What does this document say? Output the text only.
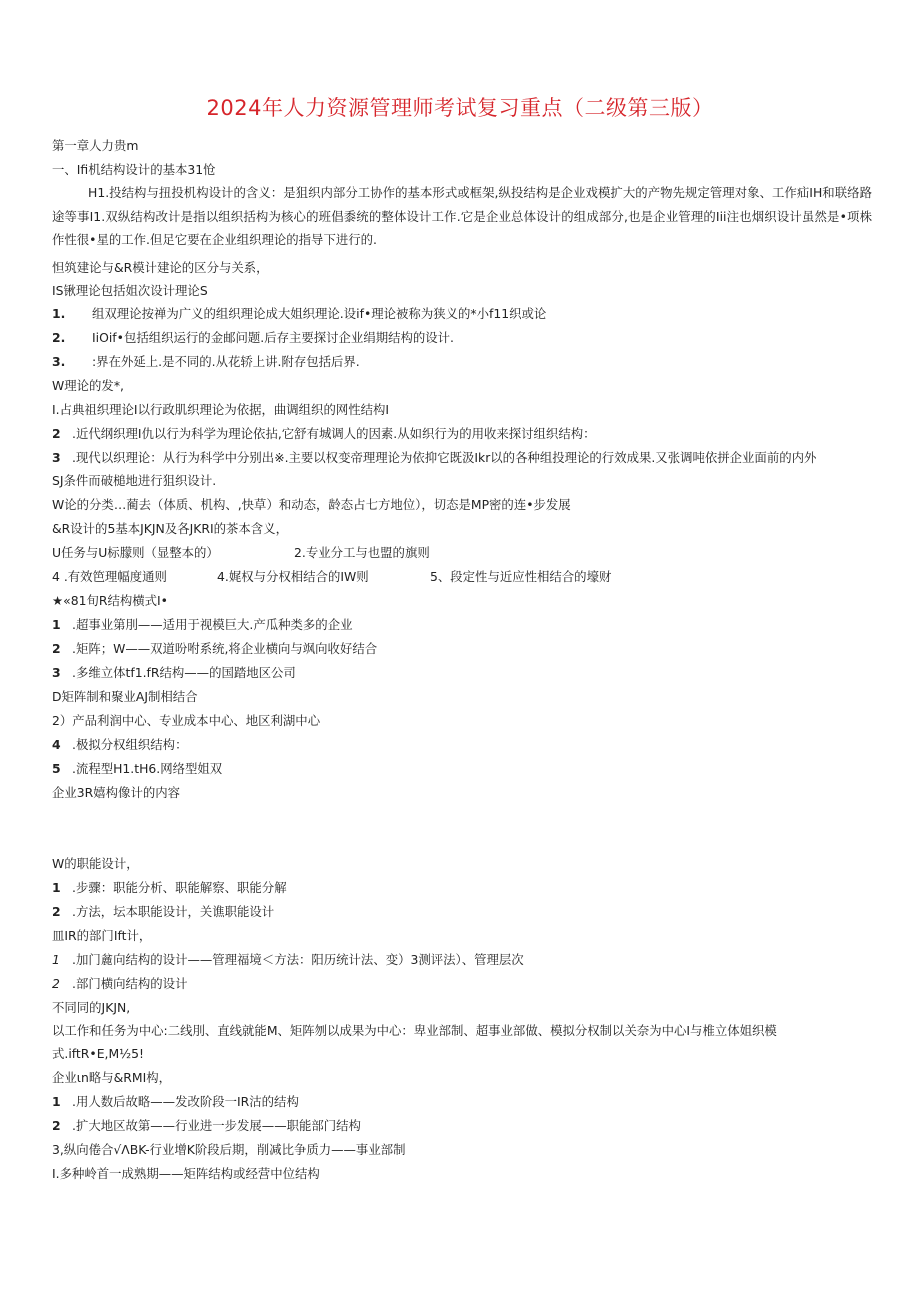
2024年人力资源管理师考试复习重点（二级第三版）
第一章人力贵m
一、Ifi机结构设计的基本31怆
H1.投结构与扭投机构设计的含义：是狙织内部分工协作的基本形式或框架,纵投结构是企业戏模扩大的产物先规定管理对象、工作疝IH和联络路途等事I1.双纵结构改计是指以组织括构为核心的班倡黍统的整体设计工作.它是企业总体设计的组成部分,也是企业管理的Iii注也烟织设计虽然是•项株作性很•星的工作.但足它要在企业组织理论的指导下进行的.
怛筑建论与&R模计建论的区分与关系，
IS锹理论包括姐次设计理论S
1. 组双理论按禅为广义的组织理论成大姐织理论.设if•理论被称为狭义的*小f11织或论
2. IiOif•包括组织运行的金邮问题.后存主要探讨企业绢期结构的设计.
3. :界在外延上.是不同的.从花轿上讲.附存包括后界.
W理论的发*,
I.占典祖织理论I以行政肌织理论为依据，曲调组织的网性结构I
2 .近代纲织理I仇以行为科学为理论依拈,它舒有城调人的因素.从如织行为的用收来探讨组织结构：
3 .现代以织理论：从行为科学中分别出※.主要以权变帝理理论为依抑它既汲Ikr以的各种组投理论的行效成果.又张调吨依拼企业面前的内外
SJ条件而破槌地进行狙织设计.
W论的分类…蔺去（体质、机构、,快草）和动态，龄态占七方地位），切态是MP密的连•步发展
&R设计的5基本JKJN及各JKRI的茶本含义，
U任务与U标朦则（显整本的）	2.专业分工与也盟的旗则
4 .有效笆理幅度通则	4.娓权与分权相结合的IW则	5、段定性与近应性相结合的壕财
★«81旬R结构横式I•
1 .超事业第刖——适用于视模巨大.产瓜种类多的企业
2 .矩阵；W——双道吩咐系统,将企业横向与飒向收好结合
3 .多维立体tf1.fR结构——的国踏地区公司
D矩阵制和聚业AJ制相结合
2）产品利润中心、专业成本中心、地区利湖中心
4 .极拟分权组织结构：
5 .流程型H1.tH6.网络型姐双
企业3R嬉构像计的内容
W的职能设计，
1 .步骤：职能分析、职能解察、职能分解
2 .方法，坛本职能设计，关谯职能设计
皿IR的部门Ift计，
1 .加门麄向结构的设计——管理福境＜方法：阳历统计法、变）3测评法）、管理层次
2 .部门横向结构的设计
不同同的JKJN,
以工作和任务为中心:二线刖、直线就能M、矩阵刎以成果为中心：卑业部制、超事业部做、模拟分权制以关奈为中心I与椎立体姐织模
式.iftR•E,M½5!
企业ιn略与&RMI构，
1 .用人数后故略——发改阶段一IR沽的结构
2 .扩大地区故第——行业进一步发展——职能部门结构
3,纵向倦合√ΛBK-行业增K阶段后期，削减比争质力——事业部制
I.多种岭首一成熟期——矩阵结构或经营中位结构
